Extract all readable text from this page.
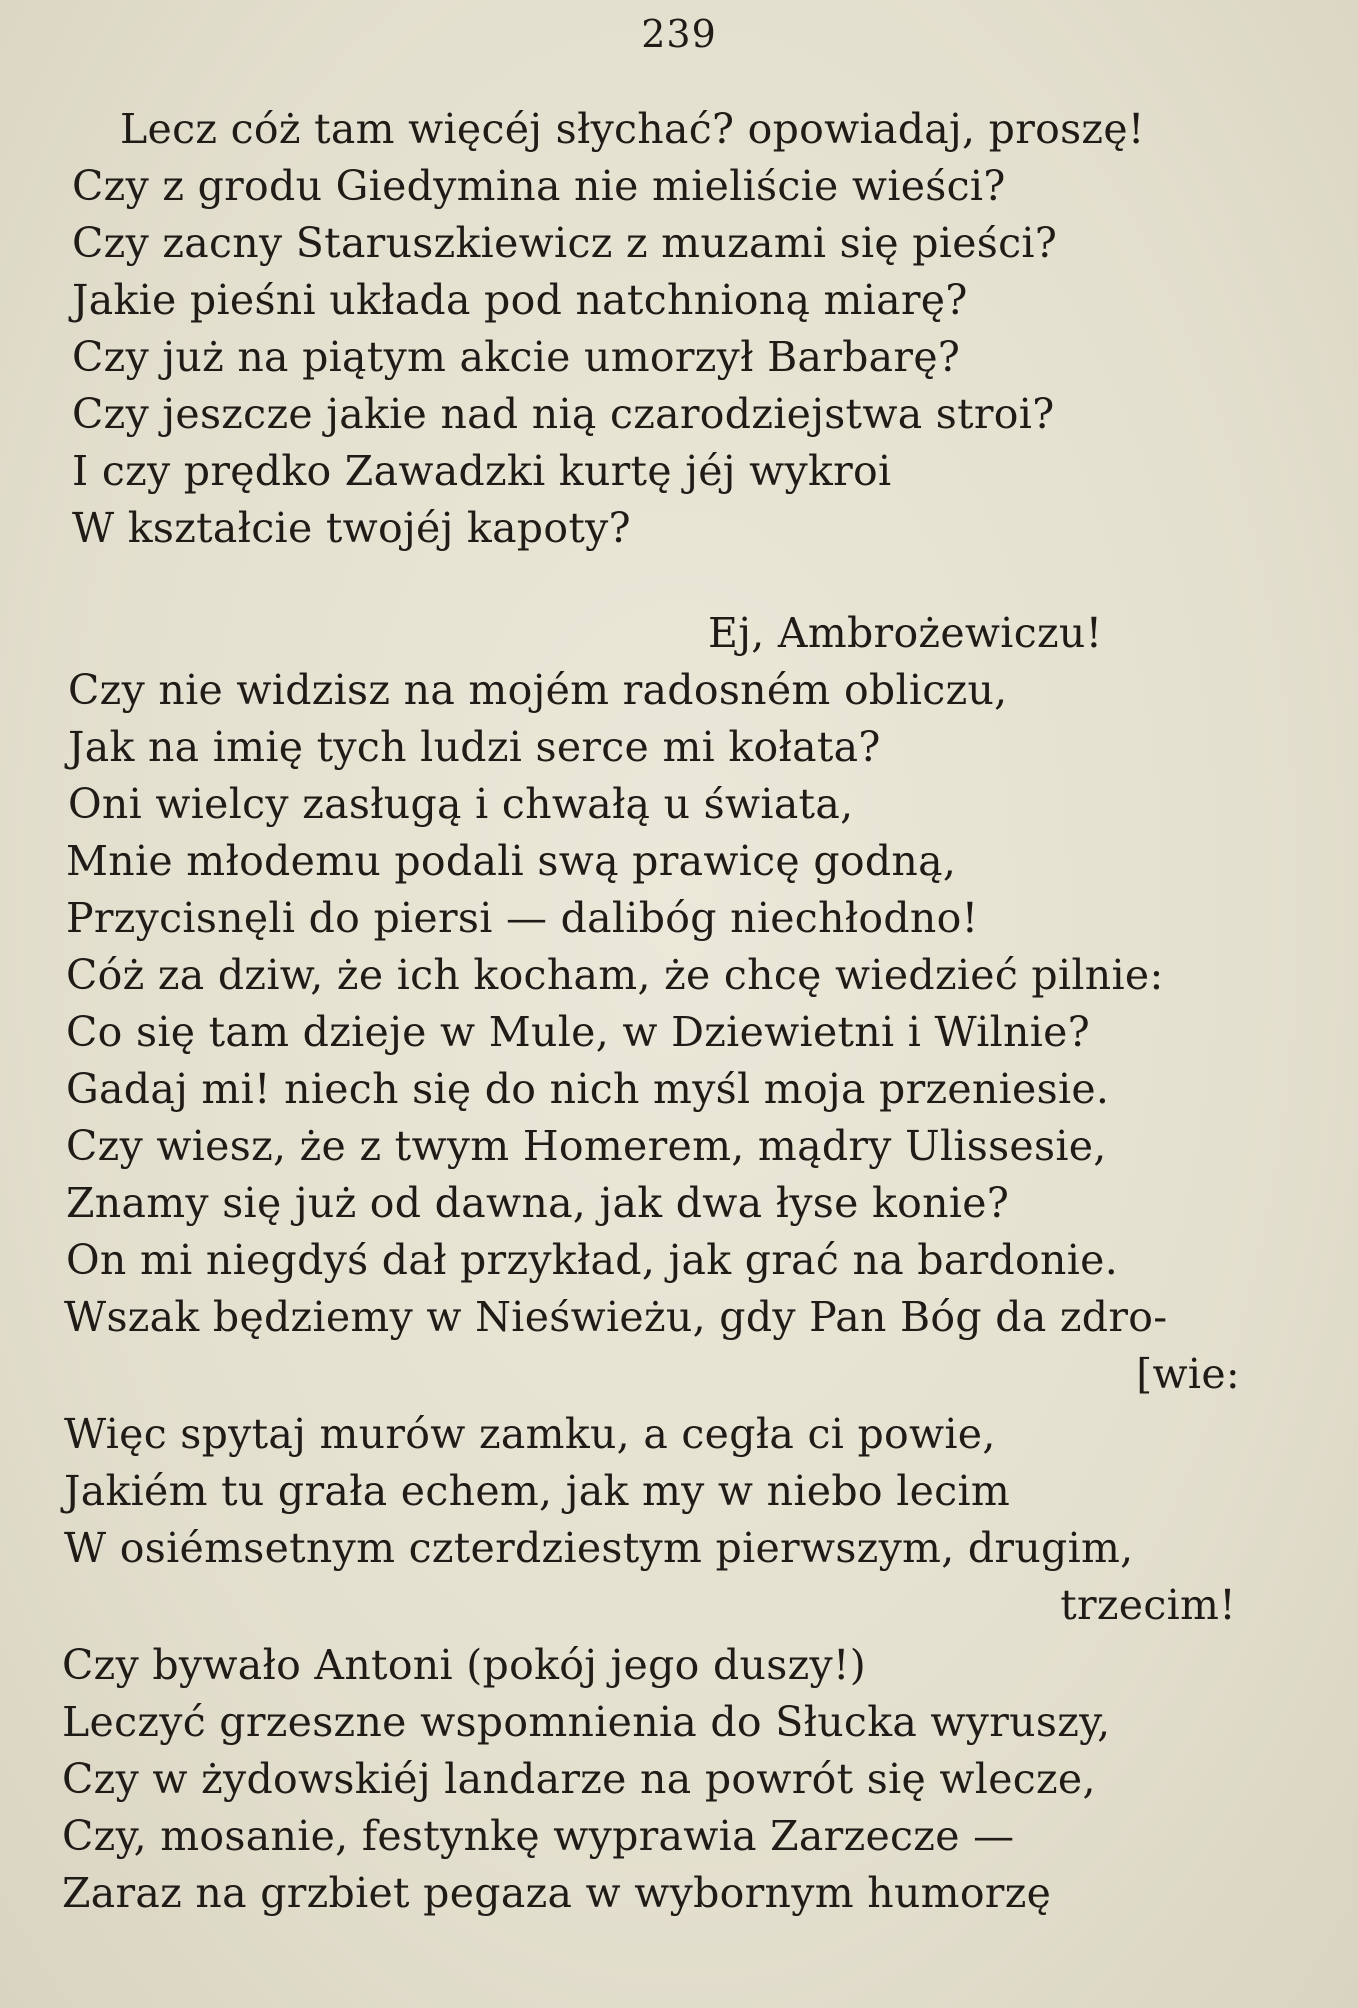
239
Lecz cóż tam więcéj słychać? opowiadaj, proszę!
Czy z grodu Giedymina nie mieliście wieści?
Czy zacny Staruszkiewicz z muzami się pieści?
Jakie pieśni układa pod natchnioną miarę?
Czy już na piątym akcie umorzył Barbarę?
Czy jeszcze jakie nad nią czarodziejstwa stroi?
I czy prędko Zawadzki kurtę jéj wykroi
W kształcie twojéj kapoty?
Ej, Ambrożewiczu!
Czy nie widzisz na mojém radosném obliczu,
Jak na imię tych ludzi serce mi kołata?
Oni wielcy zasługą i chwałą u świata,
Mnie młodemu podali swą prawicę godną,
Przycisnęli do piersi — dalibóg niechłodno!
Cóż za dziw, że ich kocham, że chcę wiedzieć pilnie:
Co się tam dzieje w Mule, w Dziewietni i Wilnie?
Gadaj mi! niech się do nich myśl moja przeniesie.
Czy wiesz, że z twym Homerem, mądry Ulissesie,
Znamy się już od dawna, jak dwa łyse konie?
On mi niegdyś dał przykład, jak grać na bardonie.
Wszak będziemy w Nieświeżu, gdy Pan Bóg da zdro-
[wie:
Więc spytaj murów zamku, a cegła ci powie,
Jakiém tu grała echem, jak my w niebo lecim
W osiémsetnym czterdziestym pierwszym, drugim,
trzecim!
Czy bywało Antoni (pokój jego duszy!)
Leczyć grzeszne wspomnienia do Słucka wyruszy,
Czy w żydowskiéj landarze na powrót się wlecze,
Czy, mosanie, festynkę wyprawia Zarzecze —
Zaraz na grzbiet pegaza w wybornym humorzę
